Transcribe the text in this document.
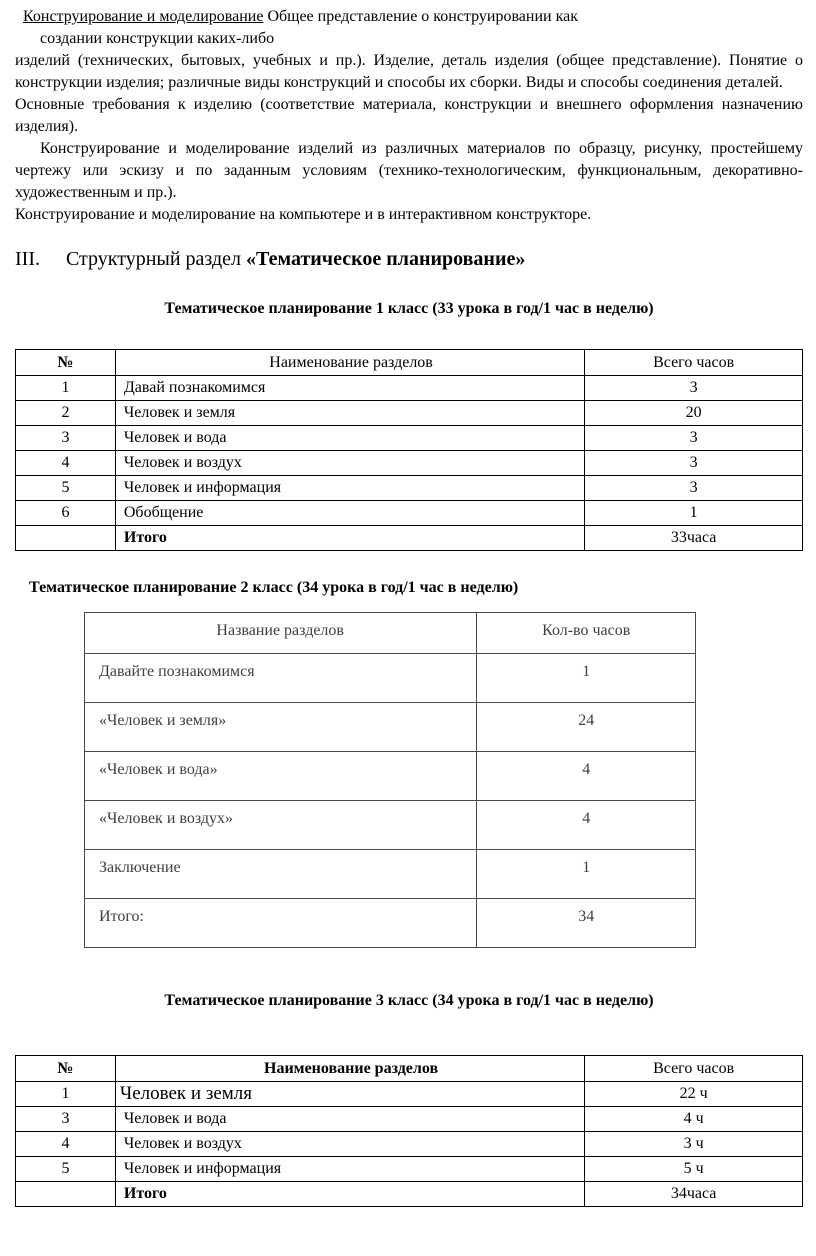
Конструирование и моделирование Общее представление о конструировании как

создании конструкции каких-либо

изделий (технических, бытовых, учебных и пр.). Изделие, деталь изделия (общее представление). Понятие о конструкции изделия; различные виды конструкций и способы их сборки. Виды и способы соединения деталей.

Основные требования к изделию (соответствие материала, конструкции и внешнего оформления назначению изделия).

Конструирование и моделирование изделий из различных материалов по образцу, рисунку, простейшему чертежу или эскизу и по заданным условиям (технико-технологическим, функциональным, декоративно-художественным и пр.).

Конструирование и моделирование на компьютере и в интерактивном конструкторе.

III. Структурный раздел «Тематическое планирование»
Тематическое планирование 1 класс (33 урока в год/1 час в неделю)
№	Наименование разделов	Всего часов
1	Давай познакомимся	3
2	Человек и земля	20
3	Человек и вода	3
4	Человек и воздух	3
5	Человек и информация	3
6	Обобщение	1
	Итого	33часа
Тематическое планирование 2 класс (34 урока в год/1 час в неделю)
Название разделов	Кол-во часов
Давайте познакомимся	1
«Человек и земля»	24
«Человек и вода»	4
«Человек и воздух»	4
Заключение	1
Итого:	34
Тематическое планирование 3 класс (34 урока в год/1 час в неделю)
№	Наименование разделов	Всего часов
1	Человек и земля	22 ч
3	Человек и вода	4 ч
4	Человек и воздух	3 ч
5	Человек и информация	5 ч
	Итого	34часа
